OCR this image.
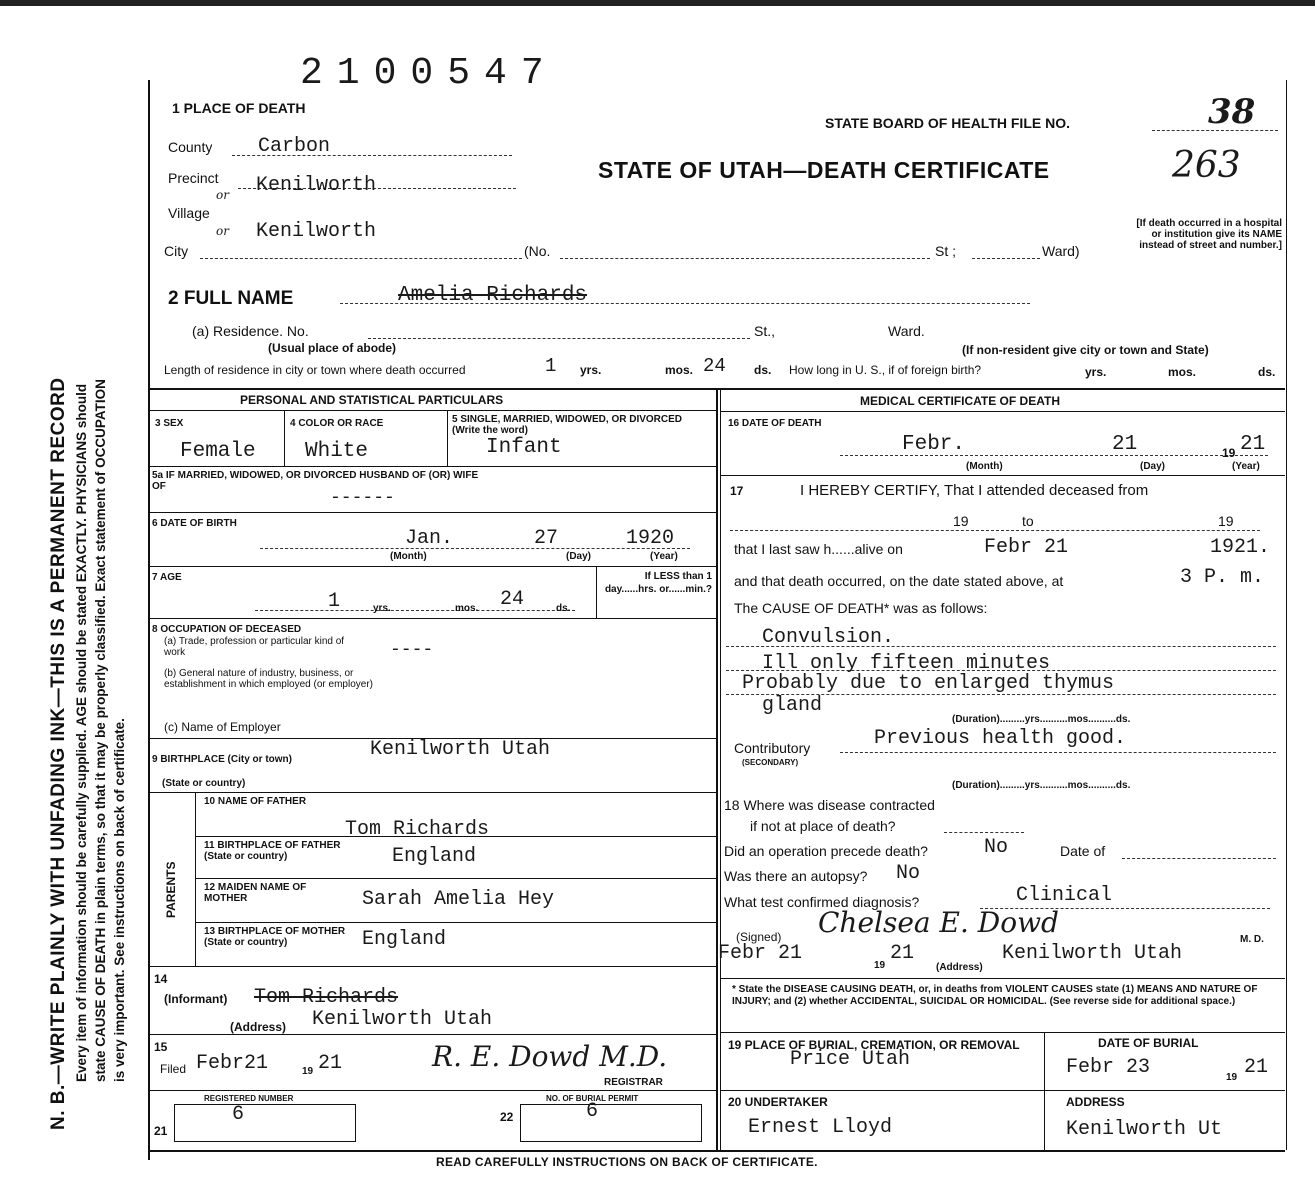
N. B.—WRITE PLAINLY WITH UNFADING INK—THIS IS A PERMANENT RECORD Every item of information should be carefully supplied. AGE should be stated EXACTLY. PHYSICIANS should state CAUSE OF DEATH in plain terms, so that it may be properly classified. Exact statement of OCCUPATION is very important. See instructions on back of certificate.
2100547
1 PLACE OF DEATH
STATE BOARD OF HEALTH FILE NO.	38
STATE OF UTAH—DEATH CERTIFICATE	263
County Carbon
Precinct
or Kenilworth
Village
or Kenilworth
City	(No.	St ;	Ward)
[If death occurred in a hospital or institution give its NAME instead of street and number.]
2 FULL NAME	Amelia Richards
(a) Residence. No.	St.,	Ward.
(Usual place of abode)	(If non-resident give city or town and State)
Length of residence in city or town where death occurred	1 yrs.	mos. 24 ds. How long in U. S., if of foreign birth?	yrs.	mos.	ds.
PERSONAL AND STATISTICAL PARTICULARS	MEDICAL CERTIFICATE OF DEATH
3 SEX
Female
4 COLOR OR RACE
White
5 SINGLE, MARRIED, WIDOWED, OR DIVORCED (Write the word)
Infant
5a IF MARRIED, WIDOWED, OR DIVORCED HUSBAND OF (OR) WIFE OF
------
6 DATE OF BIRTH
Jan.	27	1920
(Month)	(Day)	(Year)
7 AGE
1	yrs.	mos. 24	ds.
If LESS than 1 day......hrs. or......min.?
8 OCCUPATION OF DECEASED
(a) Trade, profession or particular kind of work	----
(b) General nature of industry, business, or establishment in which employed (or employer)
(c) Name of Employer
9 BIRTHPLACE (City or town)	Kenilworth Utah
(State or country)
PARENTS
10 NAME OF FATHER
Tom Richards
11 BIRTHPLACE OF FATHER (State or country)	England
12 MAIDEN NAME OF MOTHER	Sarah Amelia Hey
13 BIRTHPLACE OF MOTHER (State or country)	England
14
(Informant) Tom Richards
(Address) Kenilworth Utah
15
Filed Febr21	19 21	R. E. Dowd M.D.
REGISTRAR
REGISTERED NUMBER
21
6
NO. OF BURIAL PERMIT
22	6
16 DATE OF DEATH
Febr.	21	19 21
(Month)	(Day)	(Year)
17	I HEREBY CERTIFY, That I attended deceased from
19	to	19
that I last saw h......alive on	Febr 21	1921.
and that death occurred, on the date stated above, at	3 P. m.
The CAUSE OF DEATH* was as follows:
Convulsion.
Ill only fifteen minutes
Probably due to enlarged thymus
gland
(Duration).........yrs..........mos..........ds.
Contributory
(SECONDARY)
Previous health good.
(Duration).........yrs..........mos..........ds.
18 Where was disease contracted
if not at place of death?
Did an operation precede death?	No	Date of
Was there an autopsy? No
What test confirmed diagnosis?	Clinical
(Signed) Chelsea E. Dowd
M. D.
Febr 21
19
21
(Address)
Kenilworth Utah
* State the DISEASE CAUSING DEATH, or, in deaths from VIOLENT CAUSES state (1) MEANS AND NATURE OF INJURY; and (2) whether ACCIDENTAL, SUICIDAL OR HOMICIDAL. (See reverse side for additional space.)
19 PLACE OF BURIAL, CREMATION, OR REMOVAL
Price Utah
DATE OF BURIAL
Febr 23	19 21
20 UNDERTAKER
Ernest Lloyd
ADDRESS
Kenilworth Ut
READ CAREFULLY INSTRUCTIONS ON BACK OF CERTIFICATE.
